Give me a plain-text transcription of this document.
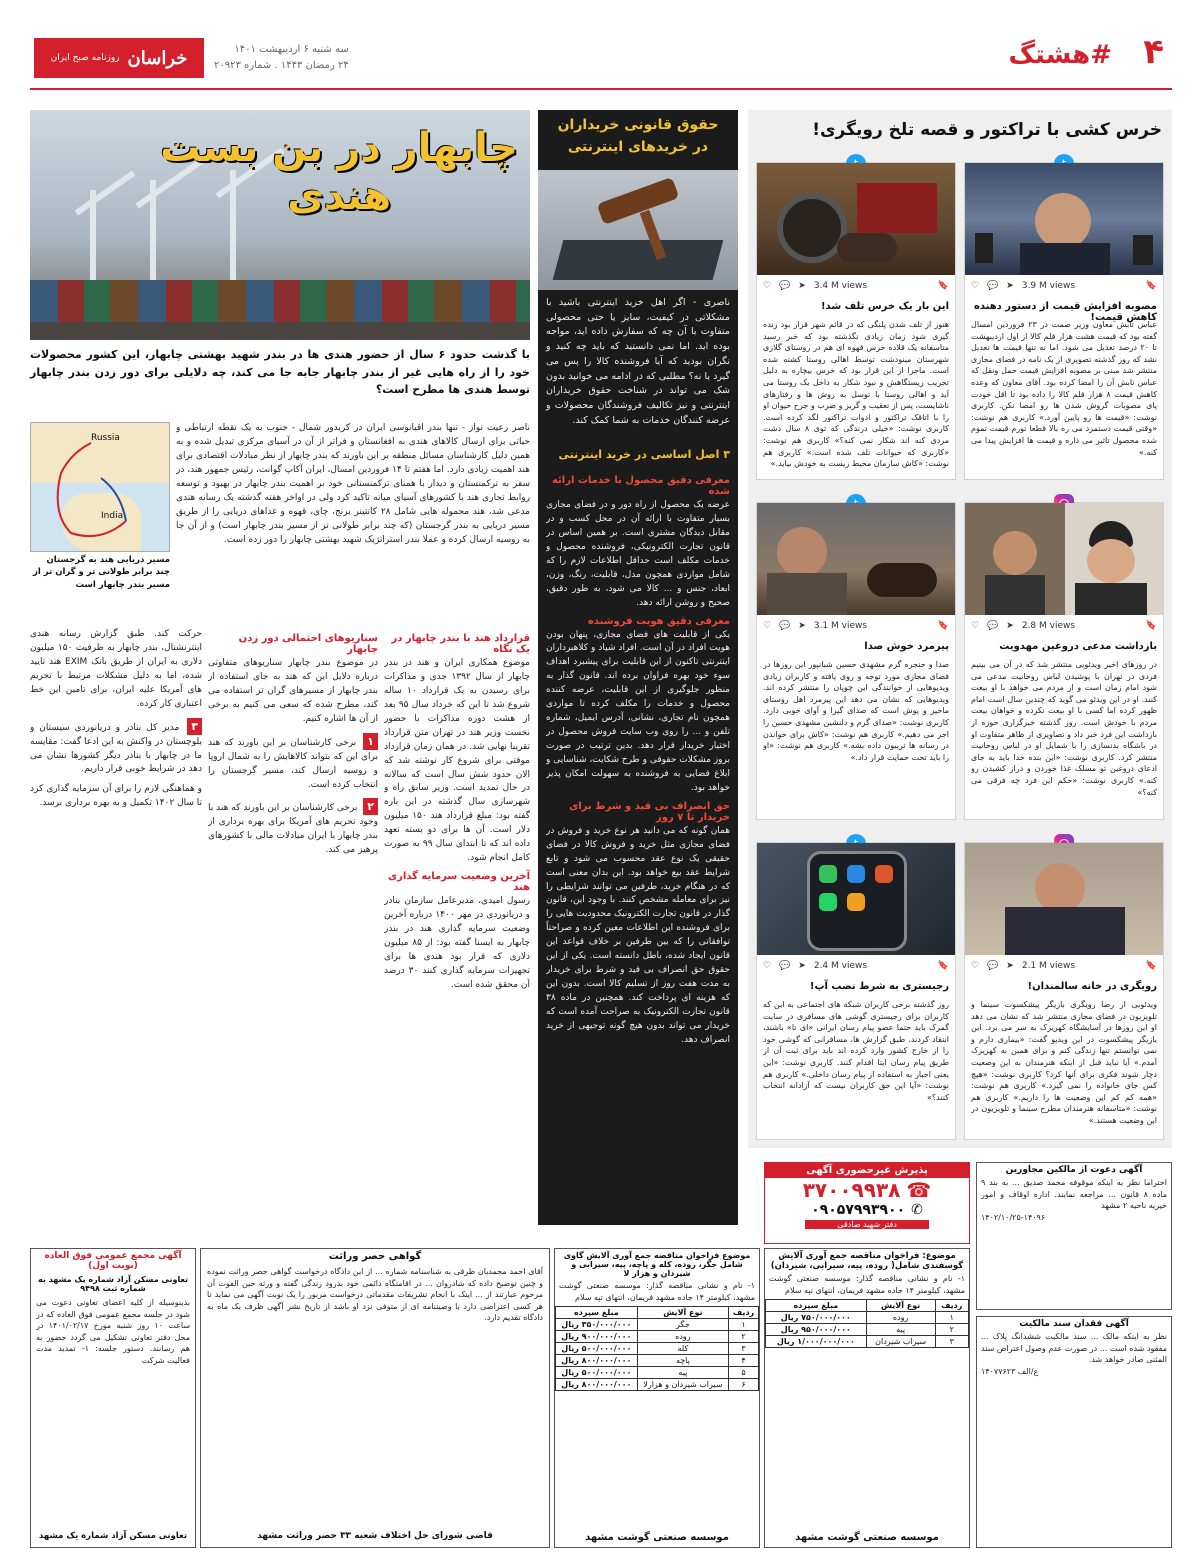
۴
#هشتگ
خراسان
روزنامه صبح ایران
سه شنبه ۶ اردیبهشت ۱۴۰۱
۲۴ رمضان ۱۴۴۳ . شماره ۲۰۹۲۳
خرس کشی با تراکتور و قصه تلخ رویگری!
♡ 💬 ➤ 3.9 M views	🔖
مصوبه افزایش قیمت از دستور دهنده کاهش قیمت!
عباس تابش معاون وزیر صمت در ۲۳ فروردین امسال گفته بود که قیمت هشت هزار قلم کالا از اول اردیبهشت تا ۲۰ درصد تعدیل می شود. اما نه تنها قیمت ها تعدیل نشد که روز گذشته تصویری از یک نامه در فضای مجازی منتشر شد مبنی بر مصوبه افزایش قیمت حمل ونقل که عباس تابش آن را امضا کرده بود. آقای معاون که وعده کاهش قیمت ۸ هزار قلم کالا را داده بود تا اقل خودت پای مصوبات گروش شدن ها رو امضا نکن. کاربری نوشت: «قیمت ها رو پایین آورد.» کاربری هم نوشت: «وقتی قیمت دستمزد می ره بالا قطعا تورم قیمت تموم شده محصول تاثیر می ذاره و قیمت ها افزایش پیدا می کنه.»
♡ 💬 ➤ 3.4 M views	🔖
این بار یک خرس تلف شد!
هنوز از تلف شدن پلنگی که در قائم شهر قرار بود زنده گیری شود زمان زیادی نگذشته بود که خبر رسید متاسفانه یک قلاده خرس قهوه ای هم در روستای گلازی شهرستان مینودشت توسط اهالی روستا کشته شده است. ماجرا از این قرار بود که خرس بیچاره به دلیل تخریب زیستگاهش و نبود شکار به داخل یک روستا می آید و اهالی روستا با توسل به روش ها و رفتارهای ناشایست، پس از تعقیب و گریز و ضرب و جرح حیوان او را با اتاقک تراکتور و ادوات تراکتور لگد کرده است. کاربری نوشت: «خیلی درندگی که توی ۸ سال دشت مردی کنه اند شکار نمی کنه؟» کاربری هم نوشت: «کاربری که حیوانات تلف شده است.» کاربری هم نوشت: «کاش سازمان محیط زیست به خودش بیاید.»
♡ 💬 ➤ 2.8 M views	🔖
بازداشت مدعی دروغین مهدویت
در روزهای اخیر ویدئویی منتشر شد که در آن می بینیم فردی در تهران با پوشیدن لباس روحانیت مدعی می شود امام زمان است و از مردم می خواهد با او بیعت کنند. او در این ویدئو می گوید که چندین سال است امام ظهور کرده اما کسی با او بیعت نکرده و خواهان بیعت مردم با خودش است. روز گذشته خبرگزاری حوزه از بازداشت این فرد خبر داد و تصاویری از ظاهر متفاوت او در باشگاه بدنسازی را با شمایل او در لباس روحانیت منتشر کرد. کاربری نوشت: «این بنده خدا باید به جای ادعای دروغین تو مسلک غذا خوردن و دراز کشیدن رو کنه.» کاربری نوشت: «حکم این فرد چه فرقی می کنه؟»
♡ 💬 ➤ 3.1 M views	🔖
پیرمرد خوش صدا
صدا و حنجره گرم مشهدی حسین شبانپور این روزها در فضای مجازی مورد توجه و روی یافته و کاربران زیادی ویدیوهایی از خوانندگی این چوپان را منتشر کرده اند. ویدیوهایی که نشان می دهد این پیرمرد اهل روستای ماخیر و پوش است که صدای گیرا و آوای خوبی دارد. کاربری نوشت: «صدای گرم و دلنشین مشهدی حسین را اجر می دهیم.» کاربری هم نوشت: «کاش برای خواندن در رسانه ها تریبون داده بشه.» کاربری هم نوشت: «او را باید تحت حمایت قرار داد.»
♡ 💬 ➤ 2.1 M views	🔖
رویگری در خانه سالمندان!
ویدئویی از رضا رویگری بازیگر پیشکسوت سینما و تلویزیون در فضای مجازی منتشر شد که نشان می دهد او این روزها در آسایشگاه کهریزک به سر می برد. این بازیگر پیشکسوت در این ویدیو گفت: «بیماری دارم و نمی توانستم تنها زندگی کنم و برای همین به کهریزک آمدم.» آیا نباید قبل از اینکه هنرمندان به این وضعیت دچار شوند فکری برای آنها کرد؟ کاربری نوشت: «هیچ کس جای خانواده را نمی گیرد.» کاربری هم نوشت: «همه کم کم این وضعیت ها را داریم.» کاربری هم نوشت: «متاسفانه هنرمندان مطرح سینما و تلویزیون در این وضعیت هستند.»
♡ 💬 ➤ 2.4 M views	🔖
رجیستری به شرط نصب آپ!
روز گذشته برخی کاربران شبکه های اجتماعی به این که کاربران برای رجیستری گوشی های مسافری در سایت گمرک باید حتما عضو پیام رسان ایرانی «ای تا» باشند، انتقاد کردند. طبق گزارش ها، مسافرانی که گوشی خود را از خارج کشور وارد کرده اند باید برای ثبت آن از طریق پیام رسان ایتا اقدام کنند. کاربری نوشت: «این یعنی اجبار به استفاده از پیام رسان داخلی.» کاربری هم نوشت: «آیا این حق کاربران نیست که آزادانه انتخاب کنند؟»
حقوق قانونی خریداران
در خریدهای اینترنتی
ناصری - اگر اهل خرید اینترنتی باشید با مشکلاتی در کیفیت، سایز یا حتی محصولی متفاوت با آن چه که سفارش داده اید، مواجه بوده اید. اما نمی دانستید که باید چه کنید و نگران بودید که آیا فروشنده کالا را پس می گیرد یا نه؟ مطلبی که در ادامه می خوانید بدون شک می تواند در شناخت حقوق خریداران اینترنتی و نیز تکالیف فروشندگان محصولات و عرضه کنندگان خدمات به شما کمک کند.
۳ اصل اساسی در خرید اینترنتی
معرفی دقیق محصول با خدمات ارائه شده
عرضه یک محصول از راه دور و در فضای مجازی بسیار متفاوت با ارائه آن در محل کسب و در مقابل دیدگان مشتری است. بر همین اساس در قانون تجارت الکترونیکی، فروشنده محصول و خدمات مکلف است حداقل اطلاعات لازم را که شامل مواردی همچون مدل، قابلیت، رنگ، وزن، ابعاد، جنس و ... کالا می شود، به طور دقیق، صحیح و روشن ارائه دهد.
معرفی دقیق هویت فروشنده
یکی از قابلیت های فضای مجازی، پنهان بودن هویت افراد در آن است. افراد شیاد و کلاهبرداران اینترنتی تاکنون از این قابلیت برای پیشبرد اهداف سوء خود بهره فراوان برده اند. قانون گذار به منظور جلوگیری از این قابلیت، عرضه کننده محصول و خدمات را مکلف کرده تا مواردی همچون نام تجاری، نشانی، آدرس ایمیل، شماره تلفن و ... را روی وب سایت فروش محصول در اختیار خریدار قرار دهد. بدین ترتیب در صورت بروز مشکلات حقوقی و طرح شکایت، شناسایی و ابلاغ قضایی به فروشنده به سهولت امکان پذیر خواهد بود.
حق انصراف بی قید و شرط برای خریدار تا ۷ روز
همان گونه که می دانید هر نوع خرید و فروش در فضای مجازی مثل خرید و فروش کالا در فضای حقیقی یک نوع عقد محسوب می شود و تابع شرایط عقد بیع خواهد بود. این بدان معنی است که در هنگام خرید، طرفین می توانند شرایطی را نیز برای معامله مشخص کنند. با وجود این، قانون گذار در قانون تجارت الکترونیک محدودیت هایی را برای فروشنده این اطلاعات معین کرده و صراحتاً توافقاتی را که بین طرفین بر خلاف قواعد این قانون ایجاد شده، باطل دانسته است. یکی از این حقوق حق انصراف بی قید و شرط برای خریدار به مدت هفت روز از تسلیم کالا است. بدون این که هزینه ای پرداخت کند. همچنین در ماده ۳۸ قانون تجارت الکترونیک به صراحت آمده است که خریدار می تواند بدون هیچ گونه توجیهی از خرید انصراف دهد.
چابهار در بن بست
هندی
با گذشت حدود ۶ سال از حضور هندی ها در بندر شهید بهشتی چابهار، این کشور محصولات خود را از راه هایی غیر از بندر چابهار جابه جا می کند، چه دلایلی برای دور زدن بندر چابهار توسط هندی ها مطرح است؟
Russia
India
مسیر دریایی هند به گرجستان چند برابر طولانی تر و گران تر از مسیر بندر چابهار است
ناصر رعیت نواز - تنها بندر اقیانوسی ایران در کریدور شمال - جنوب به یک نقطه ارتباطی و حیاتی برای ارسال کالاهای هندی به افغانستان و فراتر از آن در آسیای مرکزی تبدیل شده و به همین دلیل کارشناسان مسائل منطقه بر این باورند که بندر چابهار از نظر مبادلات اقتصادی برای هند اهمیت زیادی دارد. اما هفتم تا ۱۴ فروردین امسال، ایران آکاپ گوانت، رئیس جمهور هند، در سفر به ترکمنستان و دیدار با همتای ترکمنستانی خود بر اهمیت بندر چابهار در بهبود و توسعه روابط تجاری هند با کشورهای آسیای میانه تاکید کرد ولی در اواخر هفته گذشته یک رسانه هندی مدعی شد، هند محموله هایی شامل ۲۸ کانتینر برنج، چای، قهوه و غذاهای دریایی را از طریق مسیر دریایی به بندر گرجستان (که چند برابر طولانی تر از مسیر بندر چابهار است) و از آن جا به روسیه ارسال کرده و عملا بندر استراتژیک شهید بهشتی چابهار را دور زده است.
قرارداد هند با بندر چابهار در یک نگاه
موضوع همکاری ایران و هند در بندر چابهار از سال ۱۳۹۲ جدی و مذاکرات برای رسیدن به یک قرارداد ۱۰ ساله شروع شد تا این که خرداد سال ۹۵ بعد از هشت دوره مذاکرات با حضور نخست وزیر هند در تهران متن قرارداد تقریبا نهایی شد. در همان زمان قرارداد موقتی برای شروع کار نوشته شد که الان حدود شش سال است که سالانه در حال تمدید است. وزیر سابق راه و شهرسازی سال گذشته در این باره گفته بود: مبلغ قرارداد هند ۱۵۰ میلیون دلار است. آن ها برای دو بسته تعهد داده اند که تا ابتدای سال ۹۹ به صورت کامل انجام شود.
آخرین وضعیت سرمایه گذاری هند
رسول امیدی، مدیرعامل سازمان بنادر و دریانوردی در مهر ۱۴۰۰ درباره آخرین وضعیت سرمایه گذاری هند در بندر چابهار به ایسنا گفته بود: از ۸۵ میلیون دلاری که قرار بود هندی ها برای تجهیزات سرمایه گذاری کنند ۳۰ درصد آن محقق شده است.
سناریوهای احتمالی دور زدن چابهار
در موضوع بندر چابهار سناریوهای متفاوتی درباره دلایل این که هند به جای استفاده از بندر چابهار از مسیرهای گران تر استفاده می کند، مطرح شده که سعی می کنیم به برخی از آن ها اشاره کنیم.
۱ برخی کارشناسان بر این باورند که هند برای این که بتواند کالاهایش را به شمال اروپا و روسیه ارسال کند، مسیر گرجستان را انتخاب کرده است.
۲ برخی کارشناسان بر این باورند که هند با وجود تحریم های آمریکا برای بهره برداری از بندر چابهار با ایران مبادلات مالی با کشورهای پرهیز می کند.
حرکت کند. طبق گزارش رسانه هندی اینترنشنال، بندر چابهار به ظرفیت ۱۵۰ میلیون دلاری به ایران از طریق بانک EXIM هند تایید شده، اما به دلیل مشکلات مرتبط با تحریم های آمریکا علیه ایران، برای تامین این خط اعتباری کار کرده.
۳ مدیر کل بنادر و دریانوردی سیستان و بلوچستان در واکنش به این ادعا گفت: مقایسه ما در چابهار با بنادر دیگر کشورها نشان می دهد در شرایط خوبی قرار داریم.
و هماهنگی لازم را برای آن سرمایه گذاری کرد تا سال ۱۴۰۲ تکمیل و به بهره برداری برسد.
آگهی دعوت از مالکین مجاورین
احتراما نظر به اینکه موقوفه محمد صدیق ... به بند ۹ ماده ۸ قانون ... مراجعه نمایند. اداره اوقاف و امور خیریه ناحیه ۲ مشهد
۱۴۰۲/۱۰/۲۵-۱۴۰۹۶
آگهی فقدان سند مالکیت
نظر به اینکه مالک ... سند مالکیت ششدانگ پلاک ... مفقود شده است ... در صورت عدم وصول اعتراض سند المثنی صادر خواهد شد.
ع/الف ۱۴۰۷۷۶۲۳
پذیرش غیرحضوری آگهی
☎
۳۷۰۰۹۹۳۸
✆
۰۹۰۵۷۹۹۳۹۰۰
دفتر شهید صادقی
موضوع: فراخوان مناقصه جمع آوری آلایش گوسفندی شامل( روده، پیه، سیرابی، شیردان)
۱- نام و نشانی مناقصه گذار: موسسه صنعتی گوشت مشهد، کیلومتر ۱۴ جاده مشهد فریمان، انتهای تپه سلام
ردیف	نوع آلایش	مبلغ سپرده
۱	روده	۷۵۰/۰۰۰/۰۰۰ ریال
۲	پیه	۹۵۰/۰۰۰/۰۰۰ ریال
۳	سیراب شیردان	۱/۰۰۰/۰۰۰/۰۰۰ ریال
موسسه صنعتی گوشت مشهد
موضوع فراخوان مناقصه جمع آوری آلایش گاوی شامل جگر، روده، کله و پاچه، پیه، سیرابی و شیردان و هزار لا
۱- نام و نشانی مناقصه گذار: موسسه صنعتی گوشت مشهد، کیلومتر ۱۴ جاده مشهد فریمان، انتهای تپه سلام
ردیف	نوع آلایش	مبلغ سپرده
۱	جگر	۳۵۰/۰۰۰/۰۰۰ ریال
۲	روده	۹۰۰/۰۰۰/۰۰۰ ریال
۳	کله	۵۰۰/۰۰۰/۰۰۰ ریال
۴	پاچه	۸۰۰/۰۰۰/۰۰۰ ریال
۵	پیه	۵۰۰/۰۰۰/۰۰۰ ریال
۶	سیراب شیردان و هزارلا	۸۰۰/۰۰۰/۰۰۰ ریال
موسسه صنعتی گوشت مشهد
گواهی حصر وراثت
آقای احمد محمدیان طرقی به شناسنامه شماره ... از این دادگاه درخواست گواهی حصر وراثت نموده و چنین توضیح داده که شادروان ... در اقامتگاه دائمی خود بدرود زندگی گفته و ورثه حین الفوت آن مرحوم عبارتند از ... اینک با انجام تشریفات مقدماتی درخواست مزبور را یک نوبت آگهی می نماید تا هر کسی اعتراضی دارد یا وصیتنامه ای از متوفی نزد او باشد از تاریخ نشر آگهی ظرف یک ماه به دادگاه تقدیم دارد.
قاضی شورای حل اختلاف شعبه ۳۳ حصر وراثت مشهد
آگهی مجمع عمومی فوق العاده (نوبت اول)
تعاونی مسکن آزاد شماره یک مشهد به شماره ثبت ۹۴۹۸
بدینوسیله از کلیه اعضای تعاونی دعوت می شود در جلسه مجمع عمومی فوق العاده که در ساعت ۱۰ روز شنبه مورخ ۱۴۰۱/۰۲/۱۷ در محل دفتر تعاونی تشکیل می گردد حضور به هم رسانند. دستور جلسه: ۱- تمدید مدت فعالیت شرکت
تعاونی مسکن آزاد شماره یک مشهد
